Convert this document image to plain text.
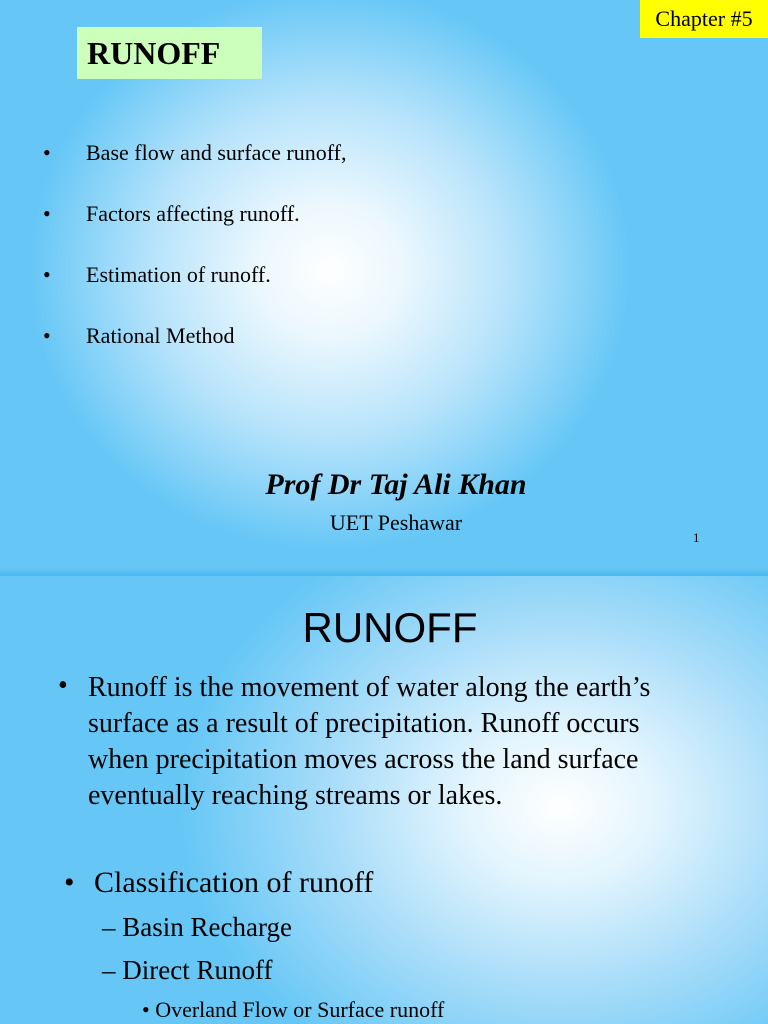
Chapter #5
RUNOFF
•	Base flow and surface runoff,
•	Factors affecting runoff.
•	Estimation of runoff.
•	Rational Method
Prof Dr Taj Ali Khan
UET Peshawar
1
RUNOFF
• Runoff is the movement of water along the earth’s
surface as a result of precipitation. Runoff occurs
when precipitation moves across the land surface
eventually reaching streams or lakes.
• Classification of runoff
– Basin Recharge
– Direct Runoff
• Overland Flow or Surface runoff
